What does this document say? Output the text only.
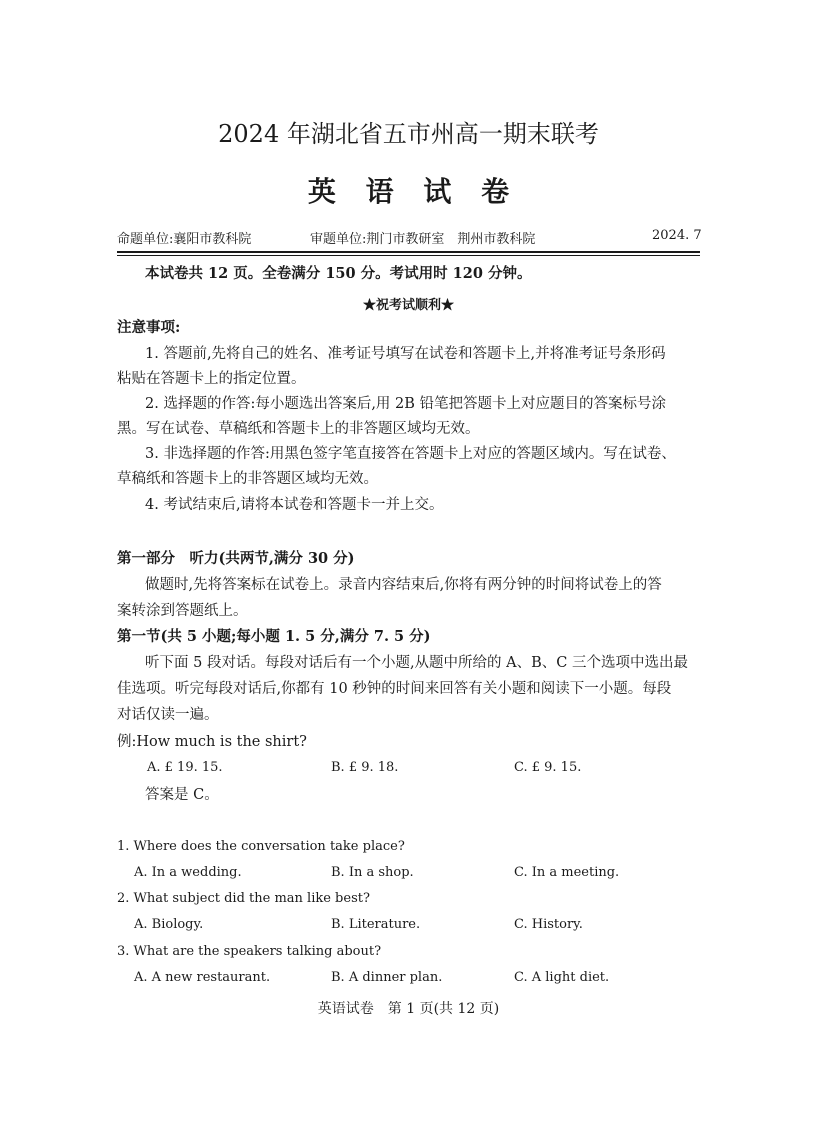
2024 年湖北省五市州高一期末联考
英 语 试 卷
命题单位:襄阳市教科院	审题单位:荆门市教研室　荆州市教科院	2024. 7
本试卷共 12 页。全卷满分 150 分。考试用时 120 分钟。
★祝考试顺利★
注意事项:
1. 答题前,先将自己的姓名、准考证号填写在试卷和答题卡上,并将准考证号条形码
粘贴在答题卡上的指定位置。
2. 选择题的作答:每小题选出答案后,用 2B 铅笔把答题卡上对应题目的答案标号涂
黑。写在试卷、草稿纸和答题卡上的非答题区域均无效。
3. 非选择题的作答:用黑色签字笔直接答在答题卡上对应的答题区域内。写在试卷、
草稿纸和答题卡上的非答题区域均无效。
4. 考试结束后,请将本试卷和答题卡一并上交。
第一部分　听力(共两节,满分 30 分)
做题时,先将答案标在试卷上。录音内容结束后,你将有两分钟的时间将试卷上的答
案转涂到答题纸上。
第一节(共 5 小题;每小题 1. 5 分,满分 7. 5 分)
听下面 5 段对话。每段对话后有一个小题,从题中所给的 A、B、C 三个选项中选出最
佳选项。听完每段对话后,你都有 10 秒钟的时间来回答有关小题和阅读下一小题。每段
对话仅读一遍。
例:How much is the shirt?
A. £ 19. 15.	B. £ 9. 18.	C. £ 9. 15.
答案是 C。
1. Where does the conversation take place?
A. In a wedding.	B. In a shop.	C. In a meeting.
2. What subject did the man like best?
A. Biology.	B. Literature.	C. History.
3. What are the speakers talking about?
A. A new restaurant.	B. A dinner plan.	C. A light diet.
英语试卷　第 1 页(共 12 页)
